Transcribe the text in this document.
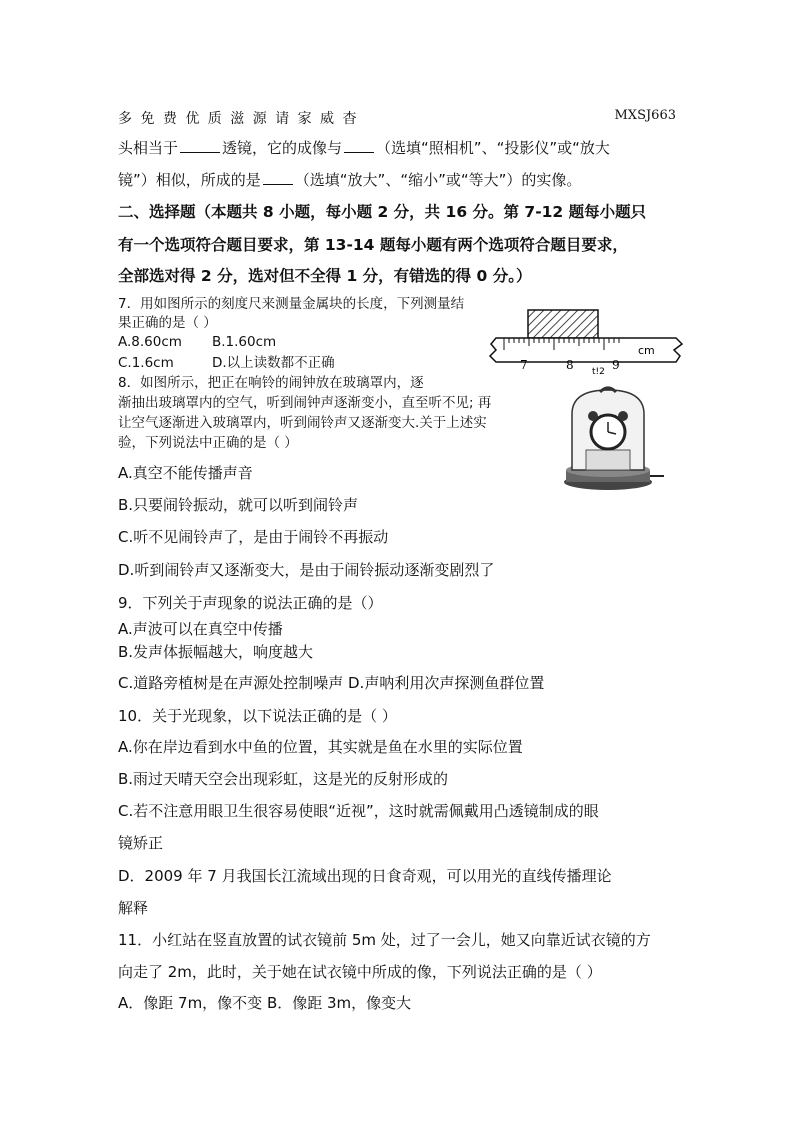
多 免 费 优 质 滋 源 请 家 威 杳	MXSJ663
头相当于	透镜，它的成像与 （选填“照相机”、“投影仪”或“放大
镜”）相似，所成的是 （选填“放大”、“缩小”或“等大”）的实像。
二、选择题（本题共 8 小题，每小题 2 分，共 16 分。第 7-12 题每小题只
有一个选项符合题目要求，第 13-14 题每小题有两个选项符合题目要求，
全部选对得 2 分，选对但不全得 1 分，有错选的得 0 分。）
7．用如图所示的刻度尺来测量金属块的长度，下列测量结
果正确的是（ ）
A.8.60cm B.1.60cm
C.1.6cm	D.以上读数都不正确	7	8	9
t!2
cm
8．如图所示，把正在响铃的闹钟放在玻璃罩内，逐
渐抽出玻璃罩内的空气，听到闹钟声逐渐变小，直至听不见; 再
让空气逐渐进入玻璃罩内，听到闹铃声又逐渐变大.关于上述实
验，下列说法中正确的是（ ）
A.真空不能传播声音
B.只要闹铃振动，就可以听到闹铃声
C.听不见闹铃声了，是由于闹铃不再振动
D.听到闹铃声又逐渐变大，是由于闹铃振动逐渐变剧烈了
9．下列关于声现象的说法正确的是（）
A.声波可以在真空中传播
B.发声体振幅越大，响度越大
C.道路旁植树是在声源处控制噪声 D.声呐利用次声探测鱼群位置
10．关于光现象，以下说法正确的是（ ）
A.你在岸边看到水中鱼的位置，其实就是鱼在水里的实际位置
B.雨过天晴天空会出现彩虹，这是光的反射形成的
C.若不注意用眼卫生很容易使眼“近视”，这时就需佩戴用凸透镜制成的眼
镜矫正
D．2009 年 7 月我国长江流域出现的日食奇观，可以用光的直线传播理论
解释
11．小红站在竖直放置的试衣镜前 5m 处，过了一会儿，她又向靠近试衣镜的方
向走了 2m，此时，关于她在试衣镜中所成的像，下列说法正确的是（ ）
A．像距 7m，像不变 B．像距 3m，像变大
